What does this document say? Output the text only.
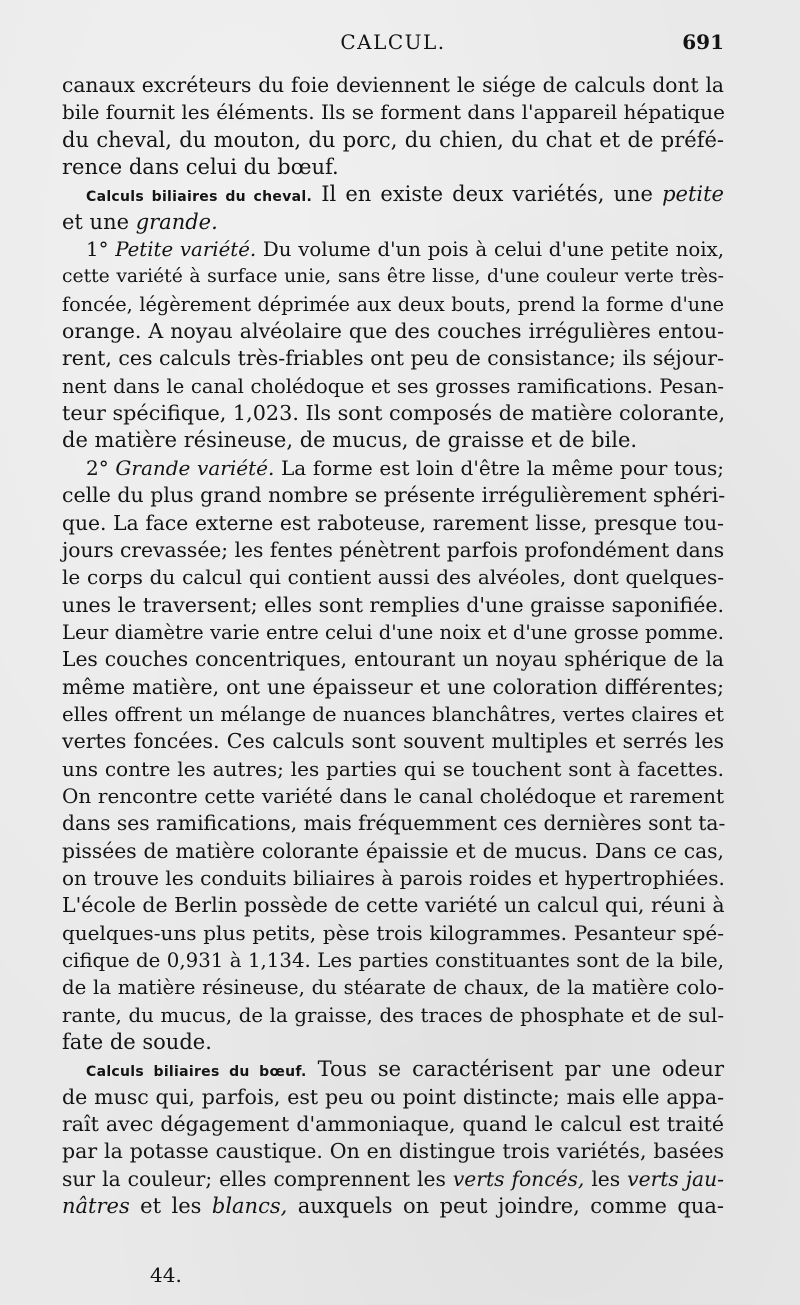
CALCUL.	691
canaux excréteurs du foie deviennent le siége de calculs dont la
bile fournit les éléments. Ils se forment dans l'appareil hépatique
du cheval, du mouton, du porc, du chien, du chat et de préfé-
rence dans celui du bœuf.
Calculs biliaires du cheval. Il en existe deux variétés, une petite
et une grande.
1° Petite variété. Du volume d'un pois à celui d'une petite noix,
cette variété à surface unie, sans être lisse, d'une couleur verte très-
foncée, légèrement déprimée aux deux bouts, prend la forme d'une
orange. A noyau alvéolaire que des couches irrégulières entou-
rent, ces calculs très-friables ont peu de consistance; ils séjour-
nent dans le canal cholédoque et ses grosses ramifications. Pesan-
teur spécifique, 1,023. Ils sont composés de matière colorante,
de matière résineuse, de mucus, de graisse et de bile.
2° Grande variété. La forme est loin d'être la même pour tous;
celle du plus grand nombre se présente irrégulièrement sphéri-
que. La face externe est raboteuse, rarement lisse, presque tou-
jours crevassée; les fentes pénètrent parfois profondément dans
le corps du calcul qui contient aussi des alvéoles, dont quelques-
unes le traversent; elles sont remplies d'une graisse saponifiée.
Leur diamètre varie entre celui d'une noix et d'une grosse pomme.
Les couches concentriques, entourant un noyau sphérique de la
même matière, ont une épaisseur et une coloration différentes;
elles offrent un mélange de nuances blanchâtres, vertes claires et
vertes foncées. Ces calculs sont souvent multiples et serrés les
uns contre les autres; les parties qui se touchent sont à facettes.
On rencontre cette variété dans le canal cholédoque et rarement
dans ses ramifications, mais fréquemment ces dernières sont ta-
pissées de matière colorante épaissie et de mucus. Dans ce cas,
on trouve les conduits biliaires à parois roides et hypertrophiées.
L'école de Berlin possède de cette variété un calcul qui, réuni à
quelques-uns plus petits, pèse trois kilogrammes. Pesanteur spé-
cifique de 0,931 à 1,134. Les parties constituantes sont de la bile,
de la matière résineuse, du stéarate de chaux, de la matière colo-
rante, du mucus, de la graisse, des traces de phosphate et de sul-
fate de soude.
Calculs biliaires du bœuf. Tous se caractérisent par une odeur
de musc qui, parfois, est peu ou point distincte; mais elle appa-
raît avec dégagement d'ammoniaque, quand le calcul est traité
par la potasse caustique. On en distingue trois variétés, basées
sur la couleur; elles comprennent les verts foncés, les verts jau-
nâtres et les blancs, auxquels on peut joindre, comme qua-
44.
